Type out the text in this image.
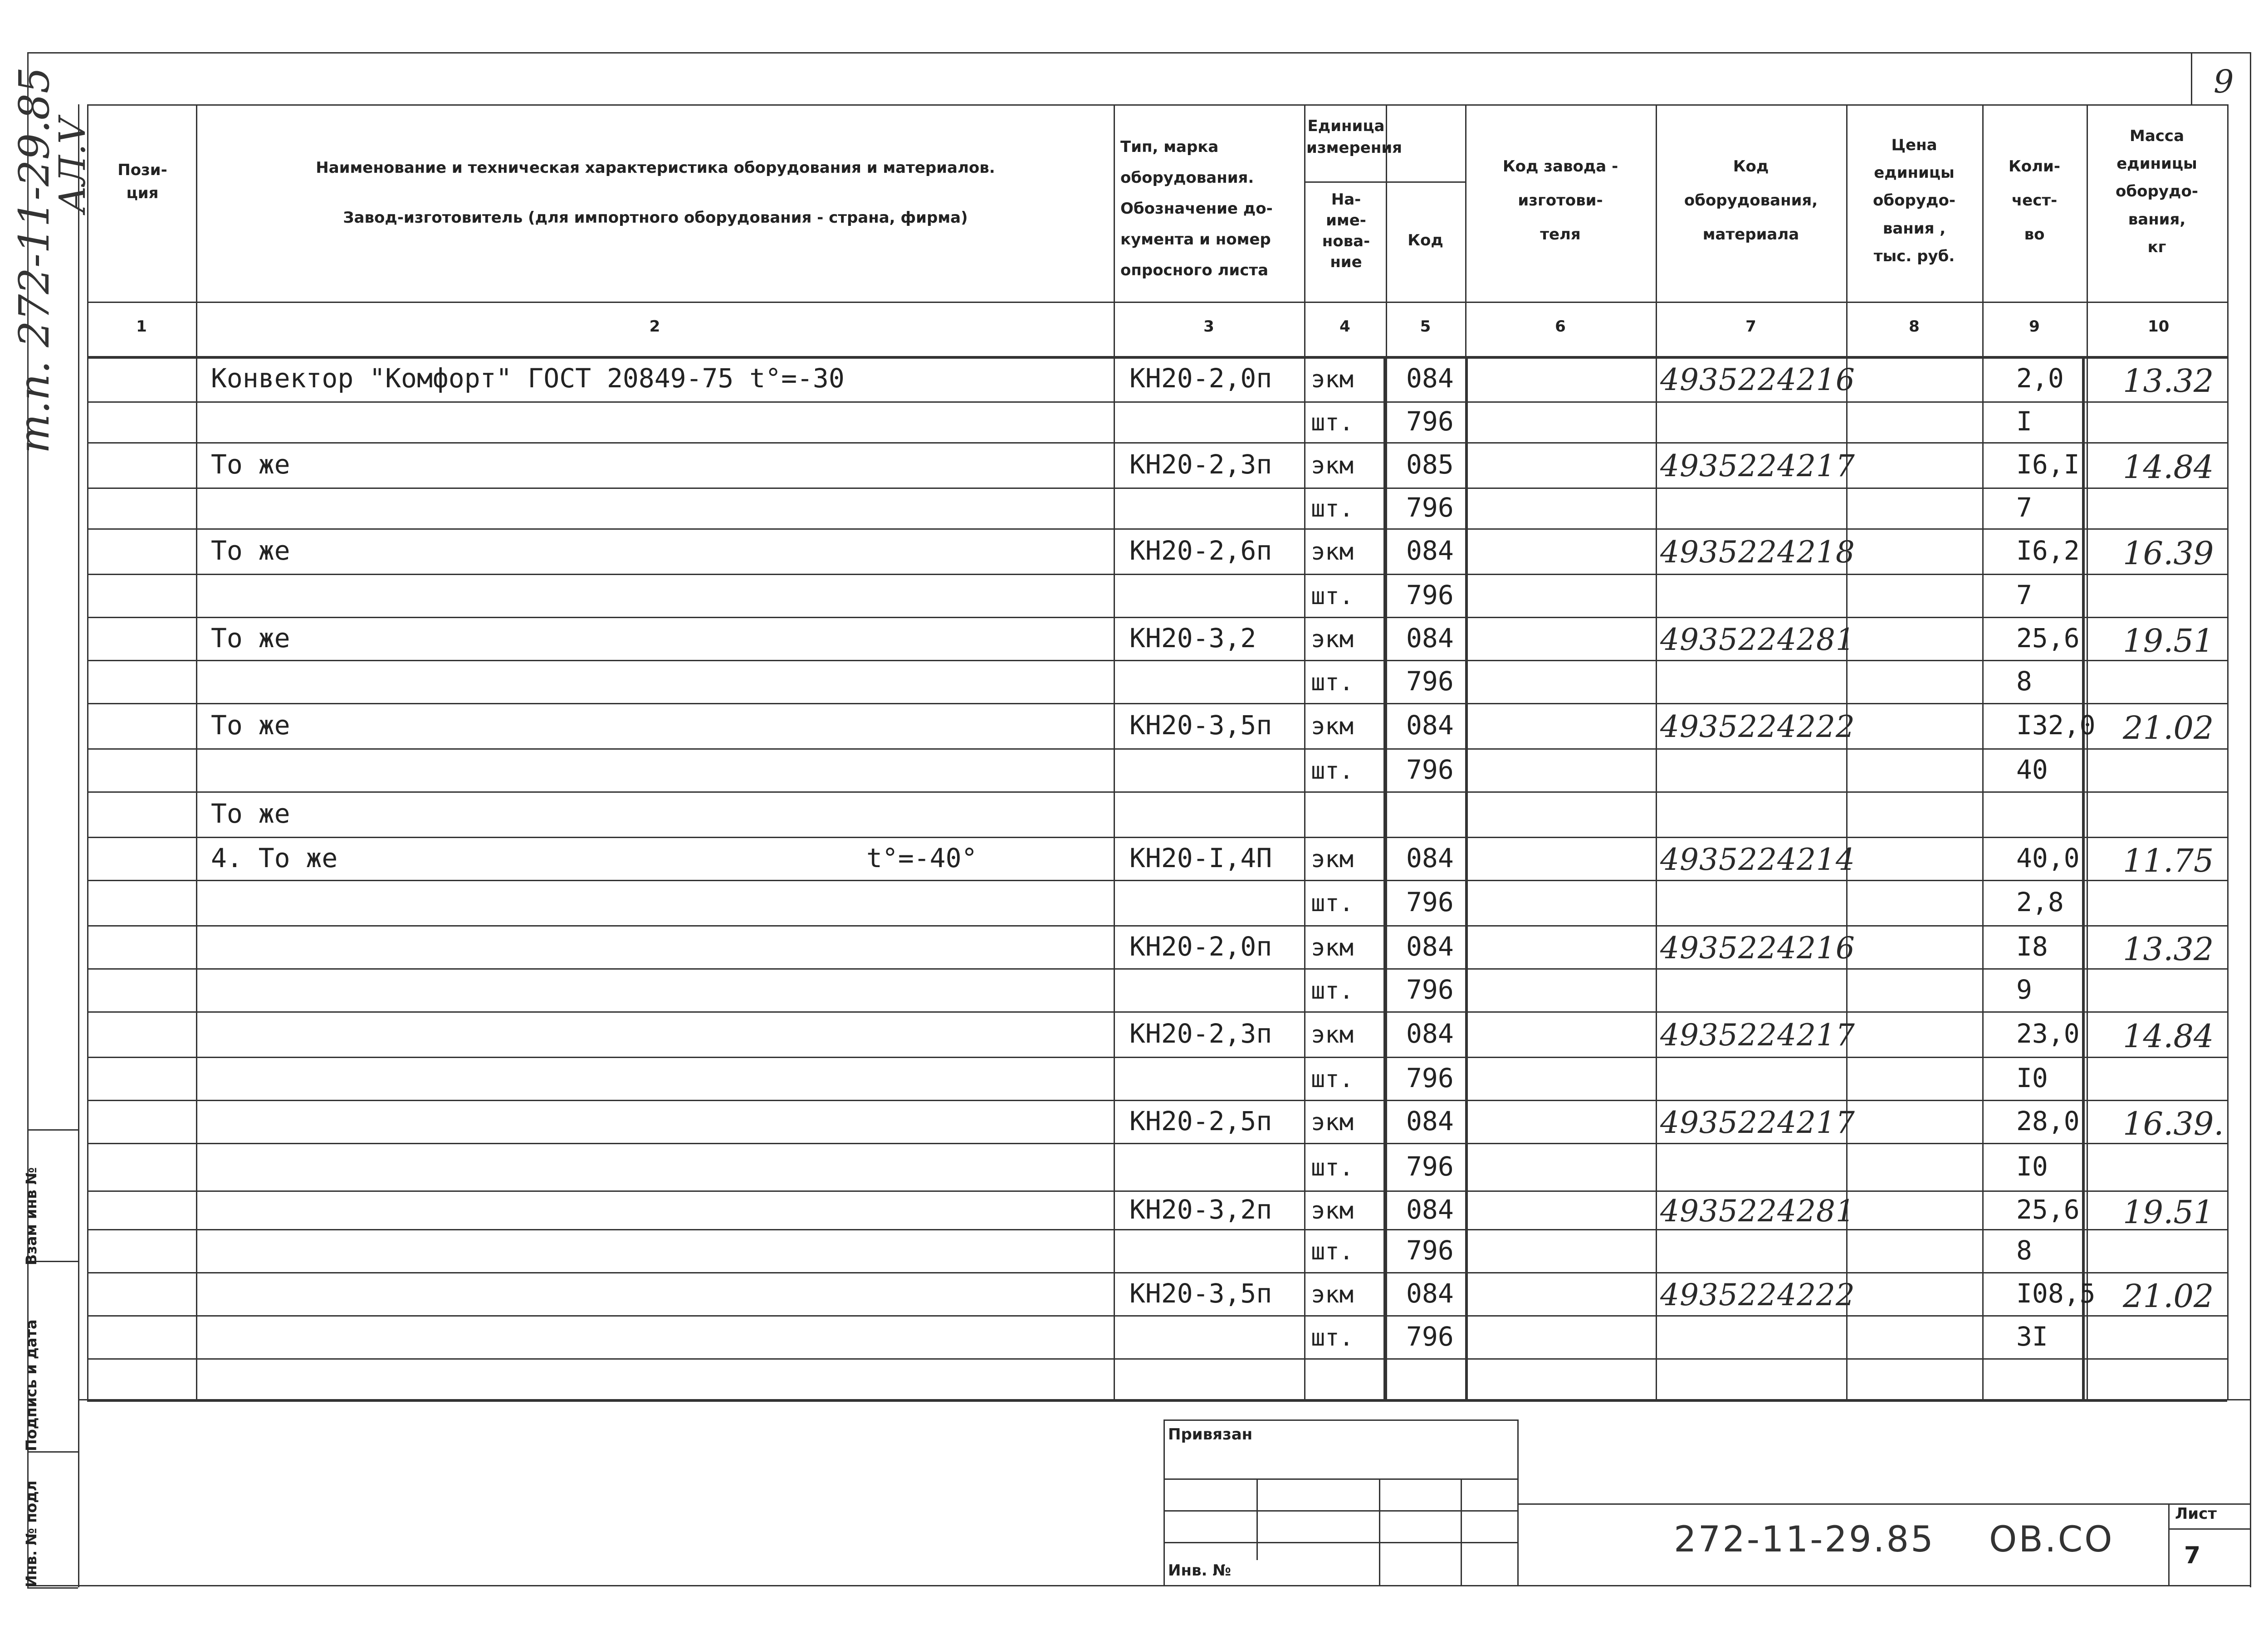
9
т.п. 272-11-29.85
АЛ.V
Взам инв №
Подпись и дата
Инв. № подл
Пози-
ция
Наименование и техническая характеристика оборудования и материалов.
Завод-изготовитель (для импортного оборудования - страна, фирма)
Тип, марка
оборудования.
Обозначение до-
кумента и номер
опросного листа
Единица
измерения
На-
име-
нова-
ние
Код
Код завода -
изготови-
теля
Код
оборудования,
материала
Цена
единицы
оборудо-
вания ,
тыс. руб.
Коли-
чест-
во
Масса
единицы
оборудо-
вания,
кг
1	2	3	4	5	6	7	8	9	10
Конвектор "Комфорт" ГОСТ 20849-75 t°=-30	КН20-2,0п экм 084	4935224216	2,0 13.32
шт. 796	I
То же	КН20-2,3п экм 085	4935224217	I6,I 14.84
шт. 796	7
То же	КН20-2,6п экм 084	4935224218	I6,2 16.39
шт. 796	7
То же	КН20-3,2 экм 084	4935224281	25,6 19.51
шт. 796	8
То же	КН20-3,5п экм 084	4935224222	I32,0 21.02
шт. 796	40
То же
4. То же	t°=-40°	КН20-I,4П экм 084	4935224214	40,0 11.75
шт. 796	2,8
КН20-2,0п экм 084	4935224216	I8 13.32
шт. 796	9
КН20-2,3п экм 084	4935224217	23,0 14.84
шт. 796	I0
КН20-2,5п экм 084	4935224217	28,0 16.39.
шт. 796	I0
КН20-3,2п экм 084	4935224281	25,6 19.51
шт. 796	8
КН20-3,5п экм 084	4935224222	I08,5 21.02
шт. 796	3I
Привязан
Инв. №
272-11-29.85 ОВ.СО
Лист
7
